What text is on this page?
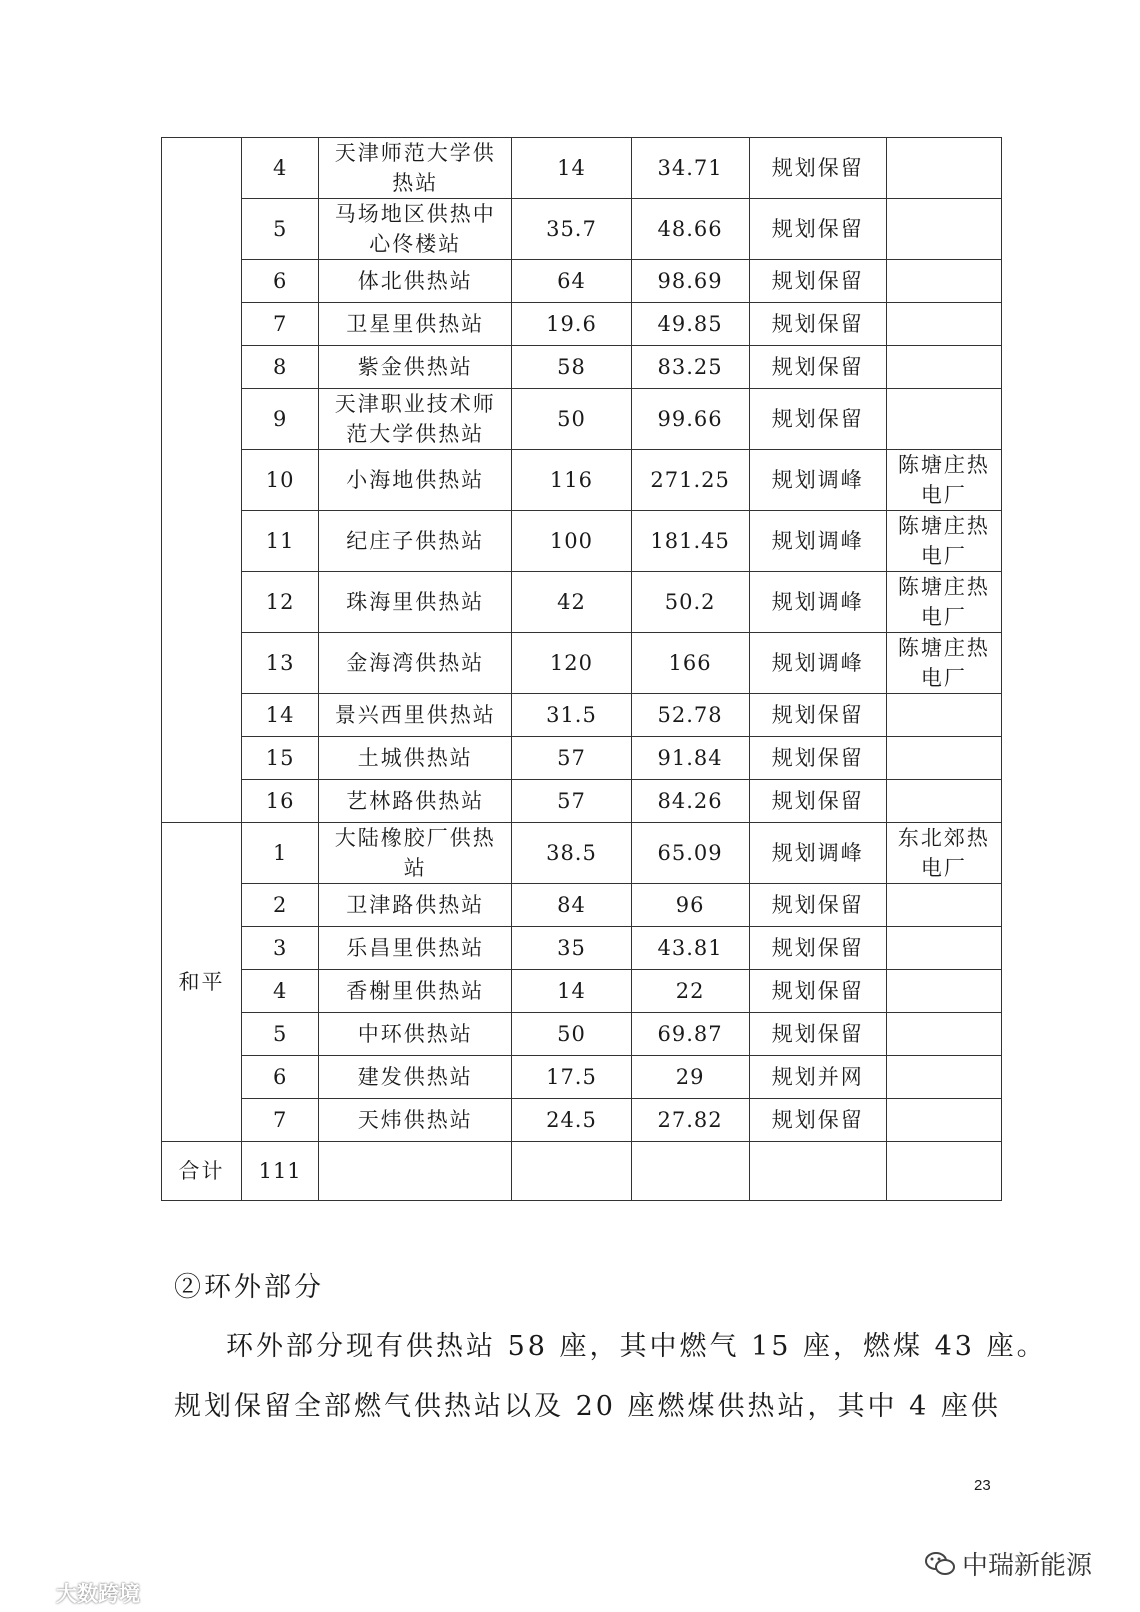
	4	天津师范大学供热站	14	34.71	规划保留	
	5	马场地区供热中心佟楼站	35.7	48.66	规划保留	
	6	体北供热站	64	98.69	规划保留	
	7	卫星里供热站	19.6	49.85	规划保留	
	8	紫金供热站	58	83.25	规划保留	
	9	天津职业技术师范大学供热站	50	99.66	规划保留	
	10	小海地供热站	116	271.25	规划调峰	陈塘庄热电厂
	11	纪庄子供热站	100	181.45	规划调峰	陈塘庄热电厂
	12	珠海里供热站	42	50.2	规划调峰	陈塘庄热电厂
	13	金海湾供热站	120	166	规划调峰	陈塘庄热电厂
	14	景兴西里供热站	31.5	52.78	规划保留	
	15	土城供热站	57	91.84	规划保留	
	16	艺林路供热站	57	84.26	规划保留	
和平	1	大陆橡胶厂供热站	38.5	65.09	规划调峰	东北郊热电厂
	2	卫津路供热站	84	96	规划保留	
	3	乐昌里供热站	35	43.81	规划保留	
	4	香榭里供热站	14	22	规划保留	
	5	中环供热站	50	69.87	规划保留	
	6	建发供热站	17.5	29	规划并网	
	7	天炜供热站	24.5	27.82	规划保留	
合计	111					
②环外部分
环外部分现有供热站 58 座，其中燃气 15 座，燃煤 43 座。
规划保留全部燃气供热站以及 20 座燃煤供热站，其中 4 座供
23
中瑞新能源
大数跨境
